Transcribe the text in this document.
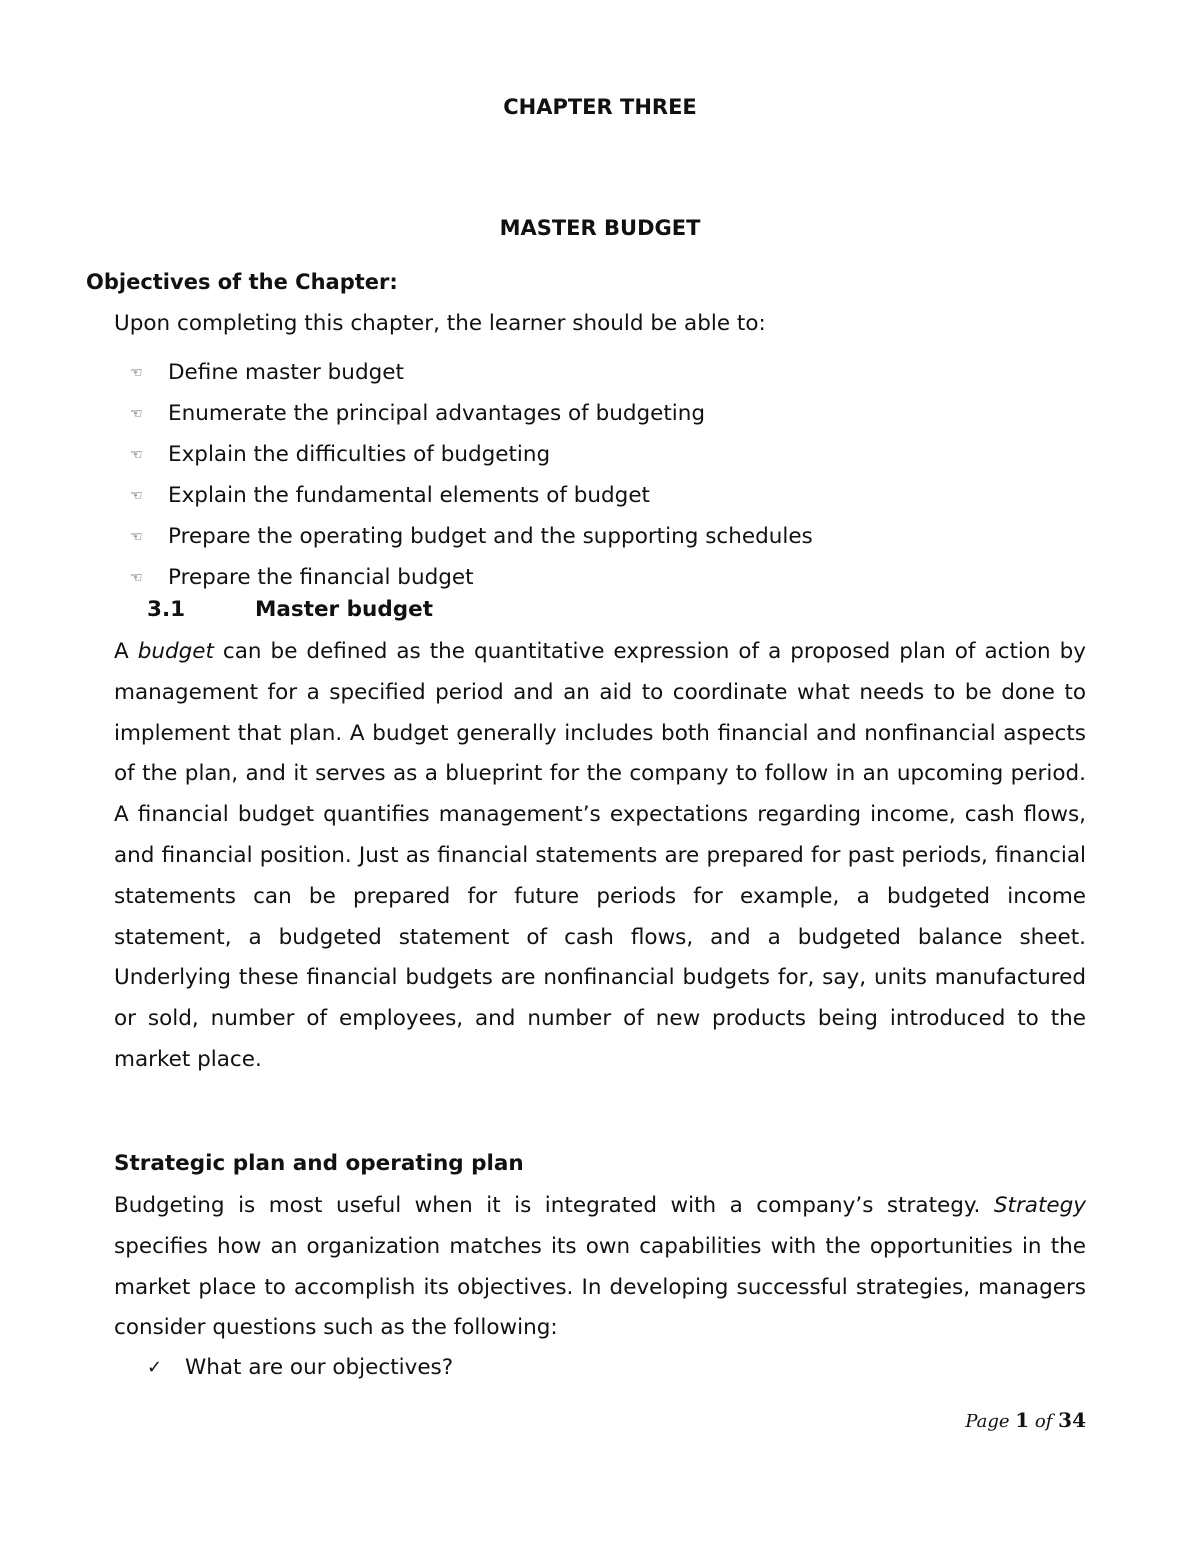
CHAPTER THREE
MASTER BUDGET
Objectives of the Chapter:
Upon completing this chapter, the learner should be able to:
☜	Define master budget
☜	Enumerate the principal advantages of budgeting
☜	Explain the difficulties of budgeting
☜	Explain the fundamental elements of budget
☜	Prepare the operating budget and the supporting schedules
☜	Prepare the financial budget
3.1	Master budget

A budget can be defined as the quantitative expression of a proposed plan of action by management for a specified period and an aid to coordinate what needs to be done to implement that plan. A budget generally includes both financial and nonfinancial aspects of the plan, and it serves as a blueprint for the company to follow in an upcoming period. A financial budget quantifies management’s expectations regarding income, cash flows, and financial position. Just as financial statements are prepared for past periods, financial statements can be prepared for future periods for example, a budgeted income statement, a budgeted statement of cash flows, and a budgeted balance sheet. Underlying these financial budgets are nonfinancial budgets for, say, units manufactured or sold, number of employees, and number of new products being introduced to the market place.

Strategic plan and operating plan

Budgeting is most useful when it is integrated with a company’s strategy. Strategy specifies how an organization matches its own capabilities with the opportunities in the market place to accomplish its objectives. In developing successful strategies, managers consider questions such as the following:

✓	What are our objectives?
Page 1 of 34
